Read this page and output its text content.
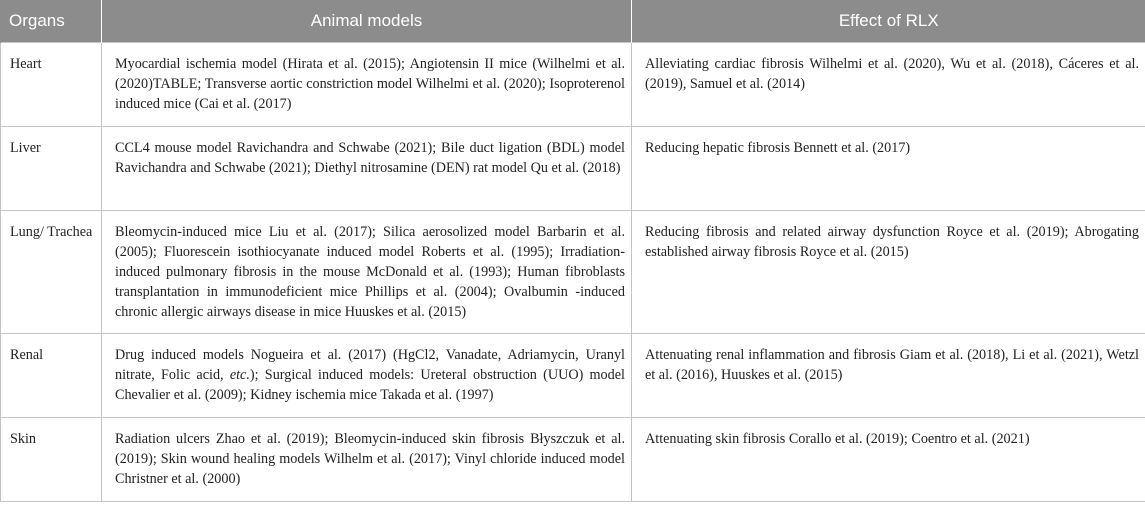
Organs	Animal models	Effect of RLX

Heart	Myocardial ischemia model (Hirata et al. (2015); Angiotensin II mice (Wilhelmi et al. (2020)TABLE; Transverse aortic constriction model Wilhelmi et al. (2020); Isoproterenol induced mice (Cai et al. (2017)	Alleviating cardiac fibrosis Wilhelmi et al. (2020), Wu et al. (2018), Cáceres et al. (2019), Samuel et al. (2014)

Liver	CCL4 mouse model Ravichandra and Schwabe (2021); Bile duct ligation (BDL) model Ravichandra and Schwabe (2021); Diethyl nitrosamine (DEN) rat model Qu et al. (2018)	Reducing hepatic fibrosis Bennett et al. (2017)

Lung/ Trachea	Bleomycin-induced mice Liu et al. (2017); Silica aerosolized model Barbarin et al. (2005); Fluorescein isothiocyanate induced model Roberts et al. (1995); Irradiation-induced pulmonary fibrosis in the mouse McDonald et al. (1993); Human fibroblasts transplantation in immunodeficient mice Phillips et al. (2004); Ovalbumin -induced chronic allergic airways disease in mice Huuskes et al. (2015)	Reducing fibrosis and related airway dysfunction Royce et al. (2019); Abrogating established airway fibrosis Royce et al. (2015)

Renal	Drug induced models Nogueira et al. (2017) (HgCl2, Vanadate, Adriamycin, Uranyl nitrate, Folic acid, etc.); Surgical induced models: Ureteral obstruction (UUO) model Chevalier et al. (2009); Kidney ischemia mice Takada et al. (1997)	Attenuating renal inflammation and fibrosis Giam et al. (2018), Li et al. (2021), Wetzl et al. (2016), Huuskes et al. (2015)

Skin	Radiation ulcers Zhao et al. (2019); Bleomycin-induced skin fibrosis Błyszczuk et al. (2019); Skin wound healing models Wilhelm et al. (2017); Vinyl chloride induced model Christner et al. (2000)	Attenuating skin fibrosis Corallo et al. (2019); Coentro et al. (2021)
